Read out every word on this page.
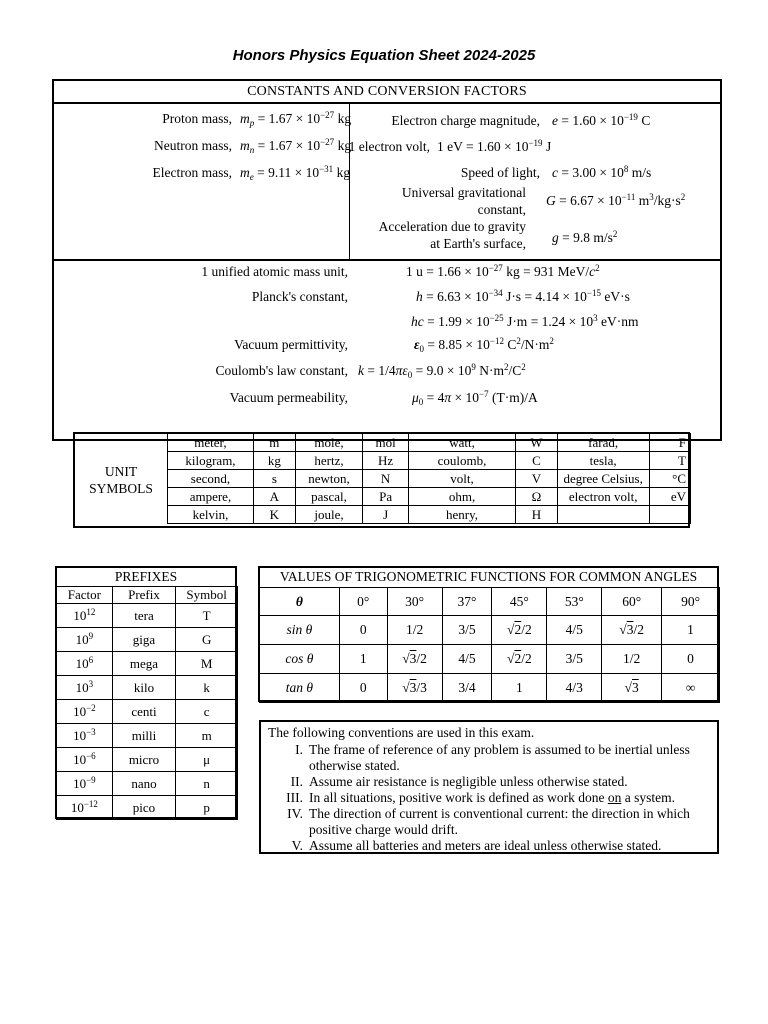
Honors Physics Equation Sheet 2024-2025
CONSTANTS AND CONVERSION FACTORS
Proton mass, $m_p = 1.67 \times 10^{-27}$ kg
Neutron mass, $m_n = 1.67 \times 10^{-27}$ kg
Electron mass, $m_e = 9.11 \times 10^{-31}$ kg
Electron charge magnitude, $e = 1.60 \times 10^{-19}$ C
1 electron volt, 1 eV = $1.60 \times 10^{-19}$ J
Speed of light, $c = 3.00 \times 10^8$ m/s
Universal gravitational
constant,
$G = 6.67 \times 10^{-11}$ $m^3/kg\cdot s^2$
Acceleration due to gravity
at Earth's surface, g = 9.8 $m/s^2$
1 unified atomic mass unit,	1 $u = 1.66 \times 10^{-27}$ kg = 931 MeV/$c^2$
Planck's constant,	$h = 6.63 \times 10^{-34}$ $J\cdot s = 4.14 \times 10^{-15}$ eV·s
hc = $1.99 \times 10^{-25}$ $J\cdot m = 1.24 \times 10^3$ eV·nm
Vacuum permittivity,	$\varepsilon_0 = 8.85 \times 10^{-12}$ $C^2/N\cdot m^2$
Coulomb's law constant, $k = 1/4\pi\varepsilon_0 = 9.0 \times 10^9$ $N\cdot m^2/C^2$
Vacuum permeability,	$\mu_0 = 4\pi \times 10^{-7}$ (T·m)/A
UNIT
SYMBOLS
meter,	m	mole,	mol	watt,	W	farad,	F
kilogram,	kg	hertz,	Hz	coulomb,	C	tesla,	T
second,	s	newton,	N	volt,	V	degree Celsius,	°C
ampere,	A	pascal,	Pa	ohm,	Ω	electron volt,	eV
kelvin,	K	joule,	J	henry,	H		
PREFIXES
Factor	Prefix	Symbol
$10^{12}$	tera	T
$10^9$	giga	G
$10^6$	mega	M
$10^3$	kilo	k
$10^{-2}$	centi	c
$10^{-3}$	milli	m
$10^{-6}$	micro	μ
$10^{-9}$	nano	n
$10^{-12}$	pico	p
VALUES OF TRIGONOMETRIC FUNCTIONS FOR COMMON ANGLES
θ	0°	30°	37°	45°	53°	60°	90°
sin θ	0	1/2	3/5	√2/2	4/5	√3/2	1
cos θ	1	√3/2	4/5	√2/2	3/5	1/2	0
tan θ	0	√3/3	3/4	1	4/3	√3	∞
The following conventions are used in this exam.
I. The frame of reference of any problem is assumed to be inertial unless
otherwise stated.
II. Assume air resistance is negligible unless otherwise stated.
III. In all situations, positive work is defined as work done on a system.
IV. The direction of current is conventional current: the direction in which
positive charge would drift.
V. Assume all batteries and meters are ideal unless otherwise stated.
